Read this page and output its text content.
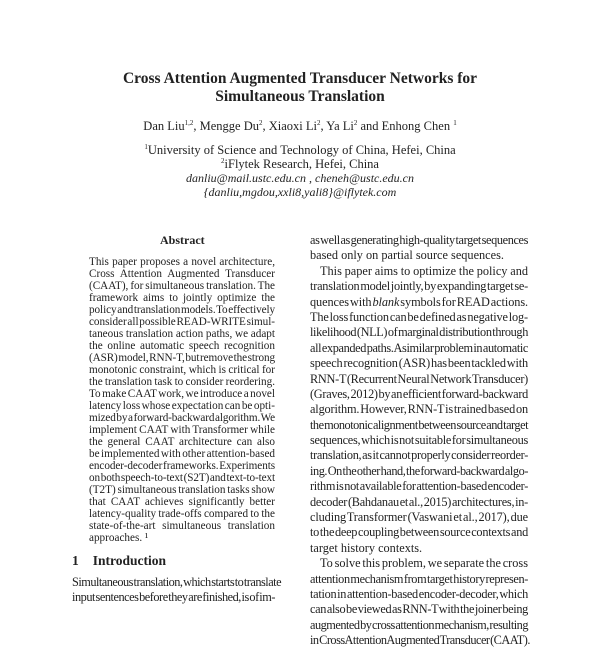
Cross Attention Augmented Transducer Networks for
Simultaneous Translation
Dan Liu$^{1,2}$, Mengge Du$^2$, Xiaoxi Li$^2$, Ya Li$^2$ and Enhong Chen $^1$
$^1$University of Science and Technology of China, Hefei, China
$^2$iFlytek Research, Hefei, China
danliu@mail.ustc.edu.cn , cheneh@ustc.edu.cn
{danliu,mgdou,xxli8,yali8}@iflytek.com
Abstract
This paper proposes a novel architecture,
Cross Attention Augmented Transducer
(CAAT), for simultaneous translation. The
framework aims to jointly optimize the
policy and translation models. To effectively
consider all possible READ-WRITE simul-
taneous translation action paths, we adapt
the online automatic speech recognition
(ASR) model, RNN-T, but remove the strong
monotonic constraint, which is critical for
the translation task to consider reordering.
To make CAAT work, we introduce a novel
latency loss whose expectation can be opti-
mized by a forward-backward algorithm. We
implement CAAT with Transformer while
the general CAAT architecture can also
be implemented with other attention-based
encoder-decoder frameworks. Experiments
on both speech-to-text (S2T) and text-to-text
(T2T) simultaneous translation tasks show
that CAAT achieves significantly better
latency-quality trade-offs compared to the
state-of-the-art simultaneous translation
approaches. ¹
1 Introduction
Simultaneous translation, which starts to translate
input sentences before they are finished, is of im-
as well as generating high-quality target sequences
based only on partial source sequences.
This paper aims to optimize the policy and
translation model jointly, by expanding target se-
quences with blank symbols for READ actions.
The loss function can be defined as negative log-
likelihood (NLL) of marginal distribution through
all expanded paths. A similar problem in automatic
speech recognition (ASR) has been tackled with
RNN-T (Recurrent Neural Network Transducer)
(Graves, 2012) by an efficient forward-backward
algorithm. However, RNN-T is trained based on
the monotonic alignment between source and target
sequences, which is not suitable for simultaneous
translation, as it cannot properly consider reorder-
ing. On the other hand, the forward-backward algo-
rithm is not available for attention-based encoder-
decoder (Bahdanau et al., 2015) architectures, in-
cluding Transformer (Vaswani et al., 2017), due
to the deep coupling between source contexts and
target history contexts.
To solve this problem, we separate the cross
attention mechanism from target history represen-
tation in attention-based encoder-decoder, which
can also be viewed as RNN-T with the joiner being
augmented by cross attention mechanism, resulting
in Cross Attention Augmented Transducer (CAAT).
